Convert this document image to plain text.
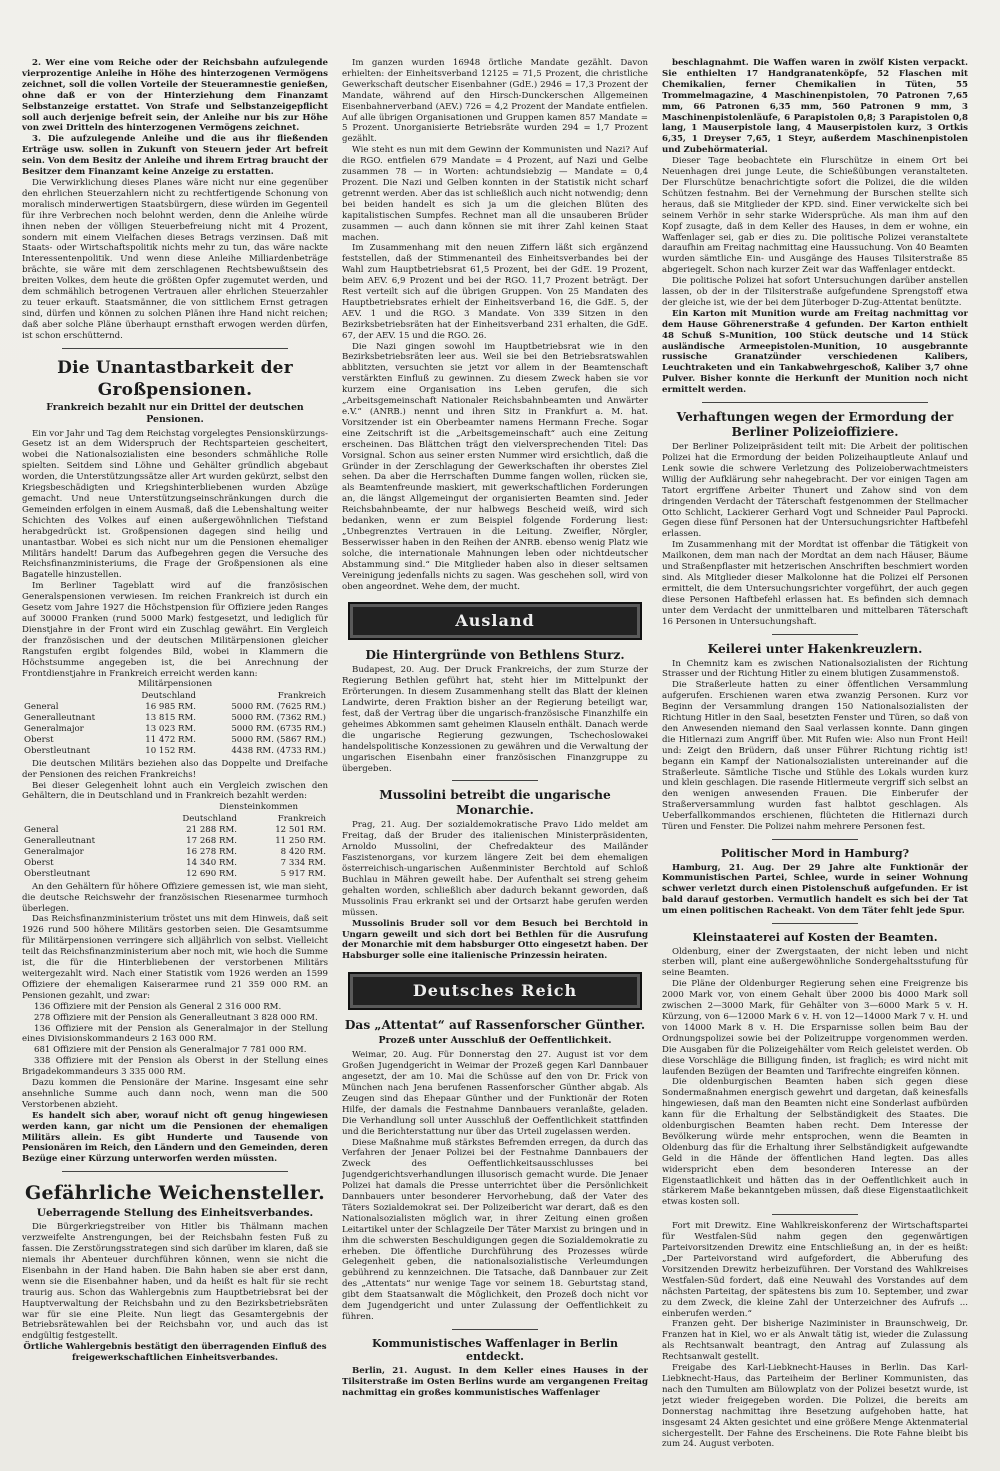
2. Wer eine vom Reiche oder der Reichsbahn aufzulegende vierprozentige Anleihe in Höhe des hinterzogenen Vermögens zeichnet, soll die vollen Vorteile der Steueramnestie genießen, ohne daß er von der Hinterziehung dem Finanzamt Selbstanzeige erstattet. Von Strafe und Selbstanzeigepflicht soll auch derjenige befreit sein, der Anleihe nur bis zur Höhe von zwei Dritteln des hinterzogenen Vermögens zeichnet.

3. Die aufzulegende Anleihe und die aus ihr fließenden Erträge usw. sollen in Zukunft von Steuern jeder Art befreit sein. Von dem Besitz der Anleihe und ihrem Ertrag braucht der Besitzer dem Finanzamt keine Anzeige zu erstatten.

Die Verwirklichung dieses Planes wäre nicht nur eine gegenüber den ehrlichen Steuerzahlern nicht zu rechtfertigende Schonung von moralisch minderwertigen Staatsbürgern, diese würden im Gegenteil für ihre Verbrechen noch belohnt werden, denn die Anleihe würde ihnen neben der völligen Steuerbefreiung nicht mit 4 Prozent, sondern mit einem Vielfachen dieses Betrags verzinsen. Daß mit Staats- oder Wirtschaftspolitik nichts mehr zu tun, das wäre nackte Interessentenpolitik. Und wenn diese Anleihe Milliardenbeträge brächte, sie wäre mit dem zerschlagenen Rechtsbewußtsein des breiten Volkes, dem heute die größten Opfer zugemutet werden, und dem schmählich betrogenen Vertrauen aller ehrlichen Steuerzahler zu teuer erkauft. Staatsmänner, die von sittlichem Ernst getragen sind, dürfen und können zu solchen Plänen ihre Hand nicht reichen; daß aber solche Pläne überhaupt ernsthaft erwogen werden dürfen, ist schon erschütternd.

Die Unantastbarkeit der Großpensionen.
Frankreich bezahlt nur ein Drittel der deutschen Pensionen.

Ein vor Jahr und Tag dem Reichstag vorgelegtes Pensionskürzungs-Gesetz ist an dem Widerspruch der Rechtsparteien gescheitert, wobei die Nationalsozialisten eine besonders schmähliche Rolle spielten. Seitdem sind Löhne und Gehälter gründlich abgebaut worden, die Unterstützungssätze aller Art wurden gekürzt, selbst den Kriegsbeschädigten und Kriegshinterbliebenen wurden Abzüge gemacht. Und neue Unterstützungseinschränkungen durch die Gemeinden erfolgen in einem Ausmaß, daß die Lebenshaltung weiter Schichten des Volkes auf einen außergewöhnlichen Tiefstand herabgedrückt ist. Großpensionen dagegen sind heilig und unantastbar. Wobei es sich nicht nur um die Pensionen ehemaliger Militärs handelt! Darum das Aufbegehren gegen die Versuche des Reichsfinanzministeriums, die Frage der Großpensionen als eine Bagatelle hinzustellen.

Im Berliner Tageblatt wird auf die französischen Generalspensionen verwiesen. Im reichen Frankreich ist durch ein Gesetz vom Jahre 1927 die Höchstpension für Offiziere jeden Ranges auf 30000 Franken (rund 5000 Mark) festgesetzt, und lediglich für Dienstjahre in der Front wird ein Zuschlag gewährt. Ein Vergleich der französischen und der deutschen Militärpensionen gleicher Rangstufen ergibt folgendes Bild, wobei in Klammern die Höchstsumme angegeben ist, die bei Anrechnung der Frontdienstjahre in Frankreich erreicht werden kann:

Militärpensionen
	Deutschland	Frankreich
General	16 985 RM.	5000 RM. (7625 RM.)
Generalleutnant	13 815 RM.	5000 RM. (7362 RM.)
Generalmajor	13 023 RM.	5000 RM. (6735 RM.)
Oberst	11 472 RM.	5000 RM. (5867 RM.)
Oberstleutnant	10 152 RM.	4438 RM. (4733 RM.)

Die deutschen Militärs beziehen also das Doppelte und Dreifache der Pensionen des reichen Frankreichs!

Bei dieser Gelegenheit lohnt auch ein Vergleich zwischen den Gehältern, die in Deutschland und in Frankreich bezahlt werden:

Diensteinkommen
	Deutschland	Frankreich
General	21 288 RM.	12 501 RM.
Generalleutnant	17 268 RM.	11 250 RM.
Generalmajor	16 278 RM.	8 420 RM.
Oberst	14 340 RM.	7 334 RM.
Oberstleutnant	12 690 RM.	5 917 RM.

An den Gehältern für höhere Offiziere gemessen ist, wie man sieht, die deutsche Reichswehr der französischen Riesenarmee turmhoch überlegen.

Das Reichsfinanzministerium tröstet uns mit dem Hinweis, daß seit 1926 rund 500 höhere Militärs gestorben seien. Die Gesamtsumme für Militärpensionen verringere sich alljährlich von selbst. Vielleicht teilt das Reichsfinanzministerium aber noch mit, wie hoch die Summe ist, die für die Hinterbliebenen der verstorbenen Militärs weitergezahlt wird. Nach einer Statistik vom 1926 werden an 1599 Offiziere der ehemaligen Kaiserarmee rund 21 359 000 RM. an Pensionen gezahlt, und zwar:

136 Offiziere mit der Pension als General 2 316 000 RM.

278 Offiziere mit der Pension als Generalleutnant 3 828 000 RM.

136 Offiziere mit der Pension als Generalmajor in der Stellung eines Divisionskommandeurs 2 163 000 RM.

681 Offiziere mit der Pension als Generalmajor 7 781 000 RM.

338 Offiziere mit der Pension als Oberst in der Stellung eines Brigadekommandeurs 3 335 000 RM.

Dazu kommen die Pensionäre der Marine. Insgesamt eine sehr ansehnliche Summe auch dann noch, wenn man die 500 Verstorbenen abzieht.

Es handelt sich aber, worauf nicht oft genug hingewiesen werden kann, gar nicht um die Pensionen der ehemaligen Militärs allein. Es gibt Hunderte und Tausende von Pensionären im Reich, den Ländern und den Gemeinden, deren Bezüge einer Kürzung unterworfen werden müssten.

Gefährliche Weichensteller.
Ueberragende Stellung des Einheitsverbandes.

Die Bürgerkriegstreiber von Hitler bis Thälmann machen verzweifelte Anstrengungen, bei der Reichsbahn festen Fuß zu fassen. Die Zerstörungsstrategen sind sich darüber im klaren, daß sie niemals ihr Abenteuer durchführen können, wenn sie nicht die Eisenbahn in der Hand haben. Die Bahn haben sie aber erst dann, wenn sie die Eisenbahner haben, und da heißt es halt für sie recht traurig aus. Schon das Wahlergebnis zum Hauptbetriebsrat bei der Hauptverwaltung der Reichsbahn und zu den Bezirksbetriebsräten war für sie eine Pleite. Nun liegt das Gesamtergebnis der Betriebsrätewahlen bei der Reichsbahn vor, und auch das ist endgültig festgestellt.

Örtliche Wahlergebnis bestätigt den überragenden Einfluß des freigewerkschaftlichen Einheitsverbandes.

Im ganzen wurden 16948 örtliche Mandate gezählt. Davon erhielten: der Einheitsverband 12125 = 71,5 Prozent, die christliche Gewerkschaft deutscher Eisenbahner (GdE.) 2946 = 17,3 Prozent der Mandate, während auf den Hirsch-Dunckerschen Allgemeinen Eisenbahnerverband (AEV.) 726 = 4,2 Prozent der Mandate entfielen. Auf alle übrigen Organisationen und Gruppen kamen 857 Mandate = 5 Prozent. Unorganisierte Betriebsräte wurden 294 = 1,7 Prozent gezählt.

Wie steht es nun mit dem Gewinn der Kommunisten und Nazi? Auf die RGO. entfielen 679 Mandate = 4 Prozent, auf Nazi und Gelbe zusammen 78 — in Worten: achtundsiebzig — Mandate = 0,4 Prozent. Die Nazi und Gelben konnten in der Statistik nicht scharf getrennt werden. Aber das ist schließlich auch nicht notwendig; denn bei beiden handelt es sich ja um die gleichen Blüten des kapitalistischen Sumpfes. Rechnet man all die unsauberen Brüder zusammen — auch dann können sie mit ihrer Zahl keinen Staat machen.

Im Zusammenhang mit den neuen Ziffern läßt sich ergänzend feststellen, daß der Stimmenanteil des Einheitsverbandes bei der Wahl zum Hauptbetriebsrat 61,5 Prozent, bei der GdE. 19 Prozent, beim AEV. 6,9 Prozent und bei der RGO. 11,7 Prozent beträgt. Der Rest verteilt sich auf die übrigen Gruppen. Von 25 Mandaten des Hauptbetriebsrates erhielt der Einheitsverband 16, die GdE. 5, der AEV. 1 und die RGO. 3 Mandate. Von 339 Sitzen in den Bezirksbetriebsräten hat der Einheitsverband 231 erhalten, die GdE. 67, der AEV. 15 und die RGO. 26.

Die Nazi gingen sowohl im Hauptbetriebsrat wie in den Bezirksbetriebsräten leer aus. Weil sie bei den Betriebsratswahlen abblitzten, versuchten sie jetzt vor allem in der Beamtenschaft verstärkten Einfluß zu gewinnen. Zu diesem Zweck haben sie vor kurzem eine Organisation ins Leben gerufen, die sich „Arbeitsgemeinschaft Nationaler Reichsbahnbeamten und Anwärter e.V.“ (ANRB.) nennt und ihren Sitz in Frankfurt a. M. hat. Vorsitzender ist ein Oberbeamter namens Hermann Freche. Sogar eine Zeitschrift ist die „Arbeitsgemeinschaft“ auch eine Zeitung erscheinen. Das Blättchen trägt den vielversprechenden Titel: Das Vorsignal. Schon aus seiner ersten Nummer wird ersichtlich, daß die Gründer in der Zerschlagung der Gewerkschaften ihr oberstes Ziel sehen. Da aber die Herrschaften Dumme fangen wollen, rücken sie, als Beamtenfreunde maskiert, mit gewerkschaftlichen Forderungen an, die längst Allgemeingut der organisierten Beamten sind. Jeder Reichsbahnbeamte, der nur halbwegs Bescheid weiß, wird sich bedanken, wenn er zum Beispiel folgende Forderung liest: „Unbegrenztes Vertrauen in die Leitung. Zweifler, Nörgler, Besserwisser haben in den Reihen der ANRB. ebenso wenig Platz wie solche, die internationale Mahnungen leben oder nichtdeutscher Abstammung sind.“ Die Mitglieder haben also in dieser seltsamen Vereinigung jedenfalls nichts zu sagen. Was geschehen soll, wird von oben angeordnet. Wehe dem, der mucht.

Ausland
Die Hintergründe von Bethlens Sturz.

Budapest, 20. Aug. Der Druck Frankreichs, der zum Sturze der Regierung Bethlen geführt hat, steht hier im Mittelpunkt der Erörterungen. In diesem Zusammenhang stellt das Blatt der kleinen Landwirte, deren Fraktion bisher an der Regierung beteiligt war, fest, daß der Vertrag über die ungarisch-französische Finanzhilfe ein geheimes Abkommen samt geheimen Klauseln enthält. Danach werde die ungarische Regierung gezwungen, Tschechoslowakei handelspolitische Konzessionen zu gewähren und die Verwaltung der ungarischen Eisenbahn einer französischen Finanzgruppe zu übergeben.

Mussolini betreibt die ungarische Monarchie.

Prag, 21. Aug. Der sozialdemokratische Pravo Lido meldet am Freitag, daß der Bruder des italienischen Ministerpräsidenten, Arnoldo Mussolini, der Chefredakteur des Mailänder Faszistenorgans, vor kurzem längere Zeit bei dem ehemaligen österreichisch-ungarischen Außenminister Berchtold auf Schloß Buchlau in Mähren geweilt habe. Der Aufenthalt sei streng geheim gehalten worden, schließlich aber dadurch bekannt geworden, daß Mussolinis Frau erkrankt sei und der Ortsarzt habe gerufen werden müssen.

Mussolinis Bruder soll vor dem Besuch bei Berchtold in Ungarn geweilt und sich dort bei Bethlen für die Ausrufung der Monarchie mit dem habsburger Otto eingesetzt haben. Der Habsburger solle eine italienische Prinzessin heiraten.

Deutsches Reich
Das „Attentat“ auf Rassenforscher Günther.
Prozeß unter Ausschluß der Oeffentlichkeit.

Weimar, 20. Aug. Für Donnerstag den 27. August ist vor dem Großen Jugendgericht in Weimar der Prozeß gegen Karl Dannbauer angesetzt, der am 10. Mai die Schüsse auf den von Dr. Frick von München nach Jena berufenen Rassenforscher Günther abgab. Als Zeugen sind das Ehepaar Günther und der Funktionär der Roten Hilfe, der damals die Festnahme Dannbauers veranlaßte, geladen. Die Verhandlung soll unter Ausschluß der Oeffentlichkeit stattfinden und die Berichterstattung nur über das Urteil zugelassen werden.

Diese Maßnahme muß stärkstes Befremden erregen, da durch das Verfahren der Jenaer Polizei bei der Festnahme Dannbauers der Zweck des Oeffentlichkeitsausschlusses bei Jugendgerichtsverhandlungen illusorisch gemacht wurde. Die Jenaer Polizei hat damals die Presse unterrichtet über die Persönlichkeit Dannbauers unter besonderer Hervorhebung, daß der Vater des Täters Sozialdemokrat sei. Der Polizeibericht war derart, daß es den Nationalsozialisten möglich war, in ihrer Zeitung einen großen Leitartikel unter der Schlagzeile Der Täter Marxist zu bringen und in ihm die schwersten Beschuldigungen gegen die Sozialdemokratie zu erheben. Die öffentliche Durchführung des Prozesses würde Gelegenheit geben, die nationalsozialistische Verleumdungen gebührend zu kennzeichnen. Die Tatsache, daß Dannbauer zur Zeit des „Attentats“ nur wenige Tage vor seinem 18. Geburtstag stand, gibt dem Staatsanwalt die Möglichkeit, den Prozeß doch nicht vor dem Jugendgericht und unter Zulassung der Oeffentlichkeit zu führen.

Kommunistisches Waffenlager in Berlin entdeckt.

Berlin, 21. August. In dem Keller eines Hauses in der Tilsiterstraße im Osten Berlins wurde am vergangenen Freitag nachmittag ein großes kommunistisches Waffenlager

beschlagnahmt. Die Waffen waren in zwölf Kisten verpackt. Sie enthielten 17 Handgranatenköpfe, 52 Flaschen mit Chemikalien, ferner Chemikalien in Tüten, 55 Trommelmagazine, 4 Maschinenpistolen, 70 Patronen 7,65 mm, 66 Patronen 6,35 mm, 560 Patronen 9 mm, 3 Maschinenpistolenläufe, 6 Parapistolen 0,8; 3 Parapistolen 0,8 lang, 1 Mauserpistole lang, 4 Mauserpistolen kurz, 3 Ortkis 6,35, 1 Dreyser 7,65, 1 Steyr, außerdem Maschinenpistolen und Zubehörmaterial.

Dieser Tage beobachtete ein Flurschütze in einem Ort bei Neuenhagen drei junge Leute, die Schießübungen veranstalteten. Der Flurschütze benachrichtigte sofort die Polizei, die die wilden Schützen festnahm. Bei der Vernehmung der Burschen stellte sich heraus, daß sie Mitglieder der KPD. sind. Einer verwickelte sich bei seinem Verhör in sehr starke Widersprüche. Als man ihm auf den Kopf zusagte, daß in dem Keller des Hauses, in dem er wohne, ein Waffenlager sei, gab er dies zu. Die politische Polizei veranstaltete daraufhin am Freitag nachmittag eine Haussuchung. Von 40 Beamten wurden sämtliche Ein- und Ausgänge des Hauses Tilsiterstraße 85 abgeriegelt. Schon nach kurzer Zeit war das Waffenlager entdeckt.

Die politische Polizei hat sofort Untersuchungen darüber anstellen lassen, ob der in der Tilsiterstraße aufgefundene Sprengstoff etwa der gleiche ist, wie der bei dem Jüterboger D-Zug-Attentat benützte.

Ein Karton mit Munition wurde am Freitag nachmittag vor dem Hause Göhrenerstraße 4 gefunden. Der Karton enthielt 48 Schuß S-Munition, 100 Stück deutsche und 14 Stück ausländische Armeepistolen-Munition, 10 ausgebrannte russische Granatzünder verschiedenen Kalibers, Leuchtraketen und ein Tankabwehrgeschoß, Kaliber 3,7 ohne Pulver. Bisher konnte die Herkunft der Munition noch nicht ermittelt werden.

Verhaftungen wegen der Ermordung der Berliner Polizeioffiziere.

Der Berliner Polizeipräsident teilt mit: Die Arbeit der politischen Polizei hat die Ermordung der beiden Polizeihauptleute Anlauf und Lenk sowie die schwere Verletzung des Polizeioberwachtmeisters Willig der Aufklärung sehr nahegebracht. Der vor einigen Tagen am Tatort ergriffene Arbeiter Thunert und Zahow sind von dem dringenden Verdacht der Täterschaft festgenommen der Stellmacher Otto Schlicht, Lackierer Gerhard Vogt und Schneider Paul Paprocki. Gegen diese fünf Personen hat der Untersuchungsrichter Haftbefehl erlassen.

Im Zusammenhang mit der Mordtat ist offenbar die Tätigkeit von Mailkonen, dem man nach der Mordtat an dem nach Häuser, Bäume und Straßenpflaster mit hetzerischen Anschriften beschmiert worden sind. Als Mitglieder dieser Malkolonne hat die Polizei elf Personen ermittelt, die dem Untersuchungsrichter vorgeführt, der auch gegen diese Personen Haftbefehl erlassen hat. Es befinden sich demnach unter dem Verdacht der unmittelbaren und mittelbaren Täterschaft 16 Personen in Untersuchungshaft.

Keilerei unter Hakenkreuzlern.

In Chemnitz kam es zwischen Nationalsozialisten der Richtung Strasser und der Richtung Hitler zu einem blutigen Zusammenstoß.

Die Straßerleute hatten zu einer öffentlichen Versammlung aufgerufen. Erschienen waren etwa zwanzig Personen. Kurz vor Beginn der Versammlung drangen 150 Nationalsozialisten der Richtung Hitler in den Saal, besetzten Fenster und Türen, so daß von den Anwesenden niemand den Saal verlassen konnte. Dann gingen die Hitlernazi zum Angriff über. Mit Rufen wie: Also nun Front Heil! und: Zeigt den Brüdern, daß unser Führer Richtung richtig ist! begann ein Kampf der Nationalsozialisten untereinander auf die Straßerleute. Sämtliche Tische und Stühle des Lokals wurden kurz und klein geschlagen. Die rasende Hitlermeute vergriff sich selbst an den wenigen anwesenden Frauen. Die Einberufer der Straßerversammlung wurden fast halbtot geschlagen. Als Ueberfallkommandos erschienen, flüchteten die Hitlernazi durch Türen und Fenster. Die Polizei nahm mehrere Personen fest.

Politischer Mord in Hamburg?

Hamburg, 21. Aug. Der 29 Jahre alte Funktionär der Kommunistischen Partei, Schlee, wurde in seiner Wohnung schwer verletzt durch einen Pistolenschuß aufgefunden. Er ist bald darauf gestorben. Vermutlich handelt es sich bei der Tat um einen politischen Racheakt. Von dem Täter fehlt jede Spur.

Kleinstaaterei auf Kosten der Beamten.

Oldenburg, einer der Zwergstaaten, der nicht leben und nicht sterben will, plant eine außergewöhnliche Sondergehaltsstufung für seine Beamten.

Die Pläne der Oldenburger Regierung sehen eine Freigrenze bis 2000 Mark vor, von einem Gehalt über 2000 bis 4000 Mark soll zwischen 2—3000 Mark, für Gehälter von 3—6000 Mark 5 v. H. Kürzung, von 6—12000 Mark 6 v. H. von 12—14000 Mark 7 v. H. und von 14000 Mark 8 v. H. Die Ersparnisse sollen beim Bau der Ordnungspolizei sowie bei der Polizeitruppe vorgenommen werden. Die Ausgaben für die Polizeigehälter vom Reich geleistet werden. Ob diese Vorschläge die Billigung finden, ist fraglich; es wird nicht mit laufenden Bezügen der Beamten und Tarifrechte eingreifen können.

Die oldenburgischen Beamten haben sich gegen diese Sondermaßnahmen energisch gewehrt und dargetan, daß keinesfalls hingewiesen, daß man den Beamten nicht eine Sonderlast aufbürden kann für die Erhaltung der Selbständigkeit des Staates. Die oldenburgischen Beamten haben recht. Dem Interesse der Bevölkerung würde mehr entsprochen, wenn die Beamten in Oldenburg das für die Erhaltung ihrer Selbständigkeit aufgewandte Geld in die Hände der öffentlichen Hand legten. Das alles widerspricht eben dem besonderen Interesse an der Eigenstaatlichkeit und hätten das in der Oeffentlichkeit auch in stärkerem Maße bekanntgeben müssen, daß diese Eigenstaatlichkeit etwas kosten soll.

Fort mit Drewitz. Eine Wahlkreiskonferenz der Wirtschaftspartei für Westfalen-Süd nahm gegen den gegenwärtigen Parteivorsitzenden Drewitz eine Entschließung an, in der es heißt: „Der Parteivorstand wird aufgefordert, die Abberufung des Vorsitzenden Drewitz herbeizuführen. Der Vorstand des Wahlkreises Westfalen-Süd fordert, daß eine Neuwahl des Vorstandes auf dem nächsten Parteitag, der spätestens bis zum 10. September, und zwar zu dem Zweck, die kleine Zahl der Unterzeichner des Aufrufs ... einberufen werden.“

Franzen geht. Der bisherige Naziminister in Braunschweig, Dr. Franzen hat in Kiel, wo er als Anwalt tätig ist, wieder die Zulassung als Rechtsanwalt beantragt, den Antrag auf Zulassung als Rechtsanwalt gestellt.

Freigabe des Karl-Liebknecht-Hauses in Berlin. Das Karl-Liebknecht-Haus, das Parteiheim der Berliner Kommunisten, das nach den Tumulten am Bülowplatz von der Polizei besetzt wurde, ist jetzt wieder freigegeben worden. Die Polizei, die bereits am Donnerstag nachmittag ihre Besetzung aufgehoben hatte, hat insgesamt 24 Akten gesichtet und eine größere Menge Aktenmaterial sichergestellt. Der Fahne des Erscheinens. Die Rote Fahne bleibt bis zum 24. August verboten.
